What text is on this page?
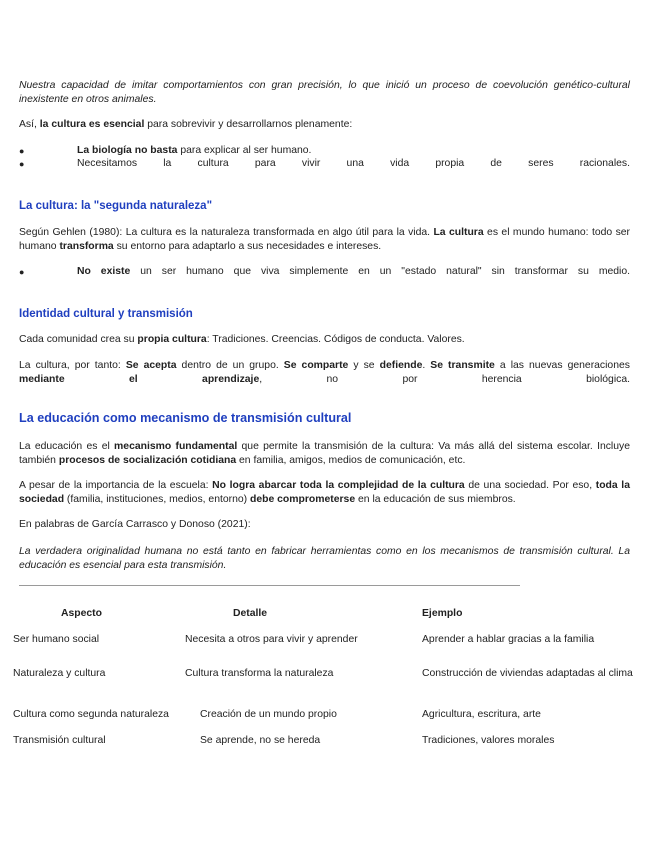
Nuestra capacidad de imitar comportamientos con gran precisión, lo que inició un proceso de coevolución genético-cultural inexistente en otros animales.
Así, la cultura es esencial para sobrevivir y desarrollarnos plenamente:
●	La biología no basta para explicar al ser humano.
●	Necesitamos la cultura para vivir una vida propia de seres racionales.
La cultura: la "segunda naturaleza"
Según Gehlen (1980): La cultura es la naturaleza transformada en algo útil para la vida. La cultura es el mundo humano: todo ser humano transforma su entorno para adaptarlo a sus necesidades e intereses.
●	No existe un ser humano que viva simplemente en un "estado natural" sin transformar su medio.
Identidad cultural y transmisión
Cada comunidad crea su propia cultura: Tradiciones. Creencias. Códigos de conducta. Valores.
La cultura, por tanto: Se acepta dentro de un grupo. Se comparte y se defiende. Se transmite a las nuevas generaciones mediante el aprendizaje, no por herencia biológica.
La educación como mecanismo de transmisión cultural
La educación es el mecanismo fundamental que permite la transmisión de la cultura: Va más allá del sistema escolar. Incluye también procesos de socialización cotidiana en familia, amigos, medios de comunicación, etc.
A pesar de la importancia de la escuela: No logra abarcar toda la complejidad de la cultura de una sociedad. Por eso, toda la sociedad (familia, instituciones, medios, entorno) debe comprometerse en la educación de sus miembros.
En palabras de García Carrasco y Donoso (2021):
La verdadera originalidad humana no está tanto en fabricar herramientas como en los mecanismos de transmisión cultural. La educación es esencial para esta transmisión.
Aspecto	Detalle	Ejemplo
Ser humano social	Necesita a otros para vivir y aprender	Aprender a hablar gracias a la familia
Naturaleza y cultura	Cultura transforma la naturaleza	Construcción de viviendas adaptadas al clima
Cultura como segunda naturaleza	Creación de un mundo propio	Agricultura, escritura, arte
Transmisión cultural	Se aprende, no se hereda	Tradiciones, valores morales
